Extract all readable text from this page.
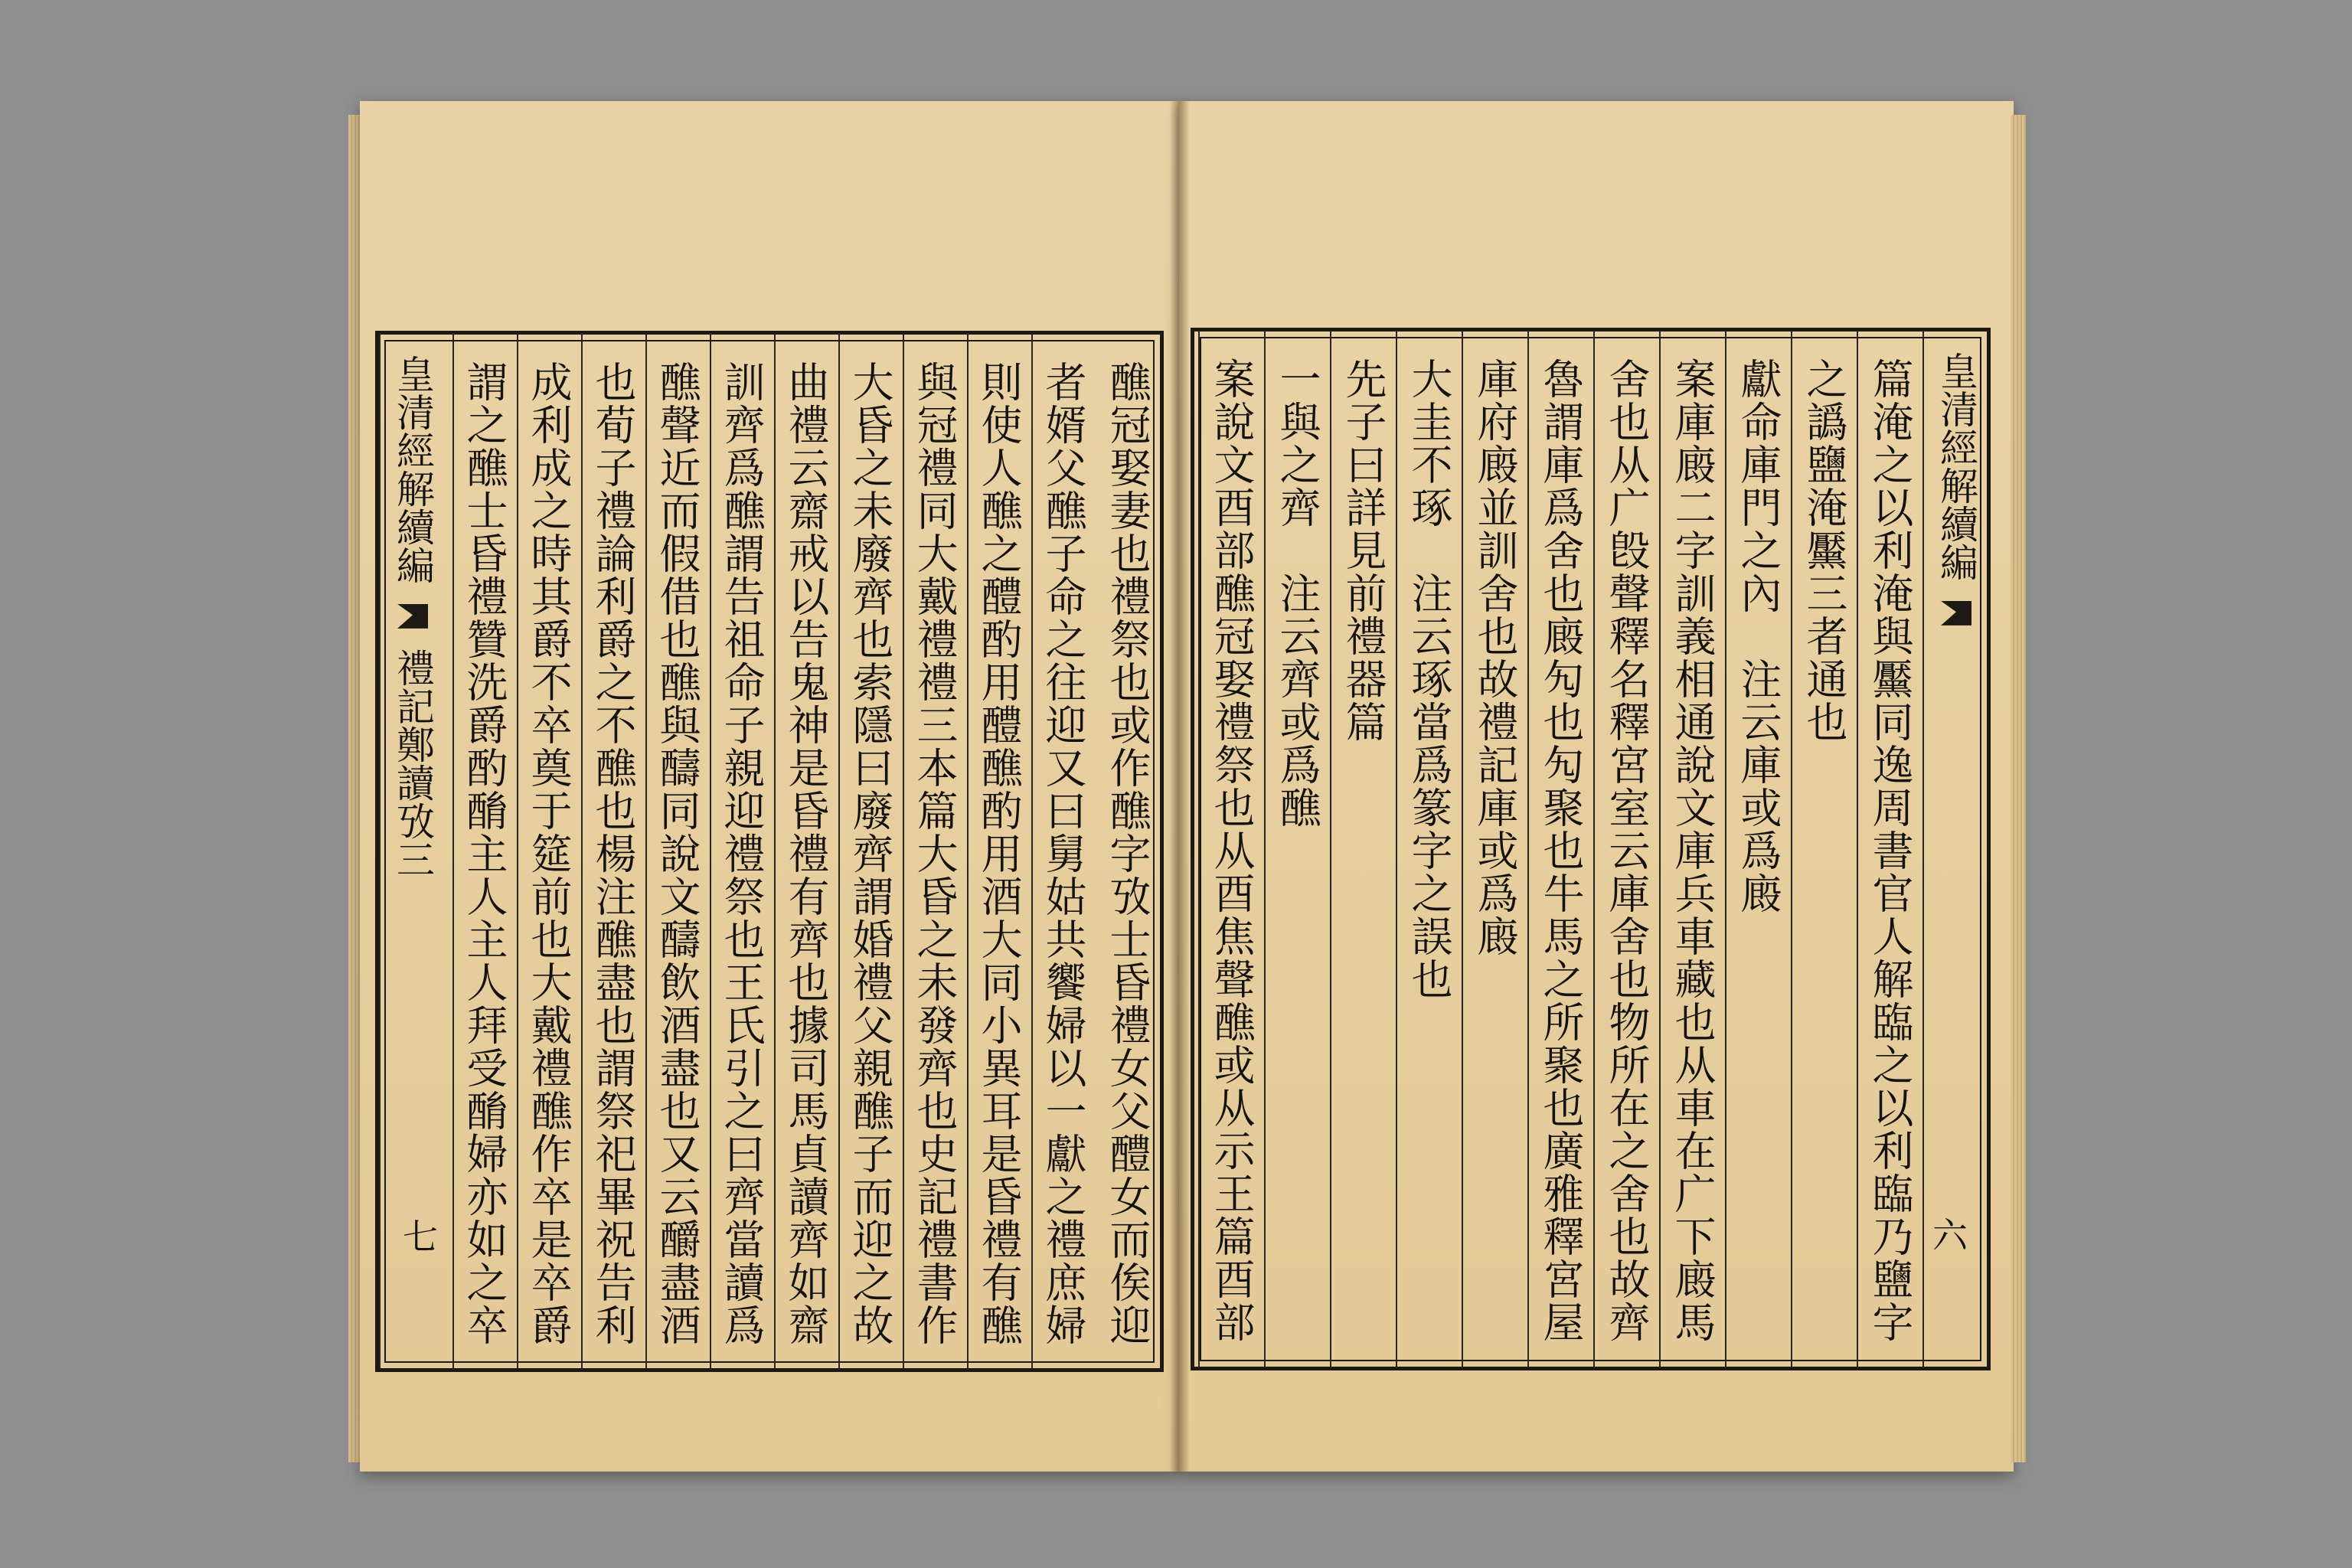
醮冠娶妻也禮祭也或作醮字攷士昏禮女父醴女而俟迎
者婿父醮子命之往迎又曰舅姑共饗婦以一獻之禮庶婦
則使人醮之醴酌用醴醮酌用酒大同小異耳是昏禮有醮
與冠禮同大戴禮禮三本篇大昏之未發齊也史記禮書作
大昏之未廢齊也索隱曰廢齊謂婚禮父親醮子而迎之故
曲禮云齋戒以告鬼神是昏禮有齊也據司馬貞讀齊如齋
訓齊爲醮謂告祖命子親迎禮祭也王氏引之曰齊當讀爲
醮聲近而假借也醮與醻同說文醻飲酒盡也又云釂盡酒
也荀子禮論利爵之不醮也楊注醮盡也謂祭祀畢祝告利
成利成之時其爵不卒奠于筵前也大戴禮醮作卒是卒爵
謂之醮士昏禮贊洗爵酌酳主人主人拜受酳婦亦如之卒
皇清經解續編  禮記鄭讀攷三
七
皇清經解續編
六
篇淹之以利淹與黶同逸周書官人解臨之以利臨乃鹽字
之譌鹽淹黶三者通也
獻命庫門之內　注云庫或爲廄
案庫廄二字訓義相通說文庫兵車藏也从車在广下廄馬
舍也从广𣪘聲釋名釋宮室云庫舍也物所在之舍也故齊
魯謂庫爲舍也廄勼也勼聚也牛馬之所聚也廣雅釋宮屋
庫府廄並訓舍也故禮記庫或爲廄
大圭不琢　注云琢當爲篆字之誤也
先子曰詳見前禮器篇
一與之齊　注云齊或爲醮
案說文酉部醮冠娶禮祭也从酉焦聲醮或从示王篇酉部
